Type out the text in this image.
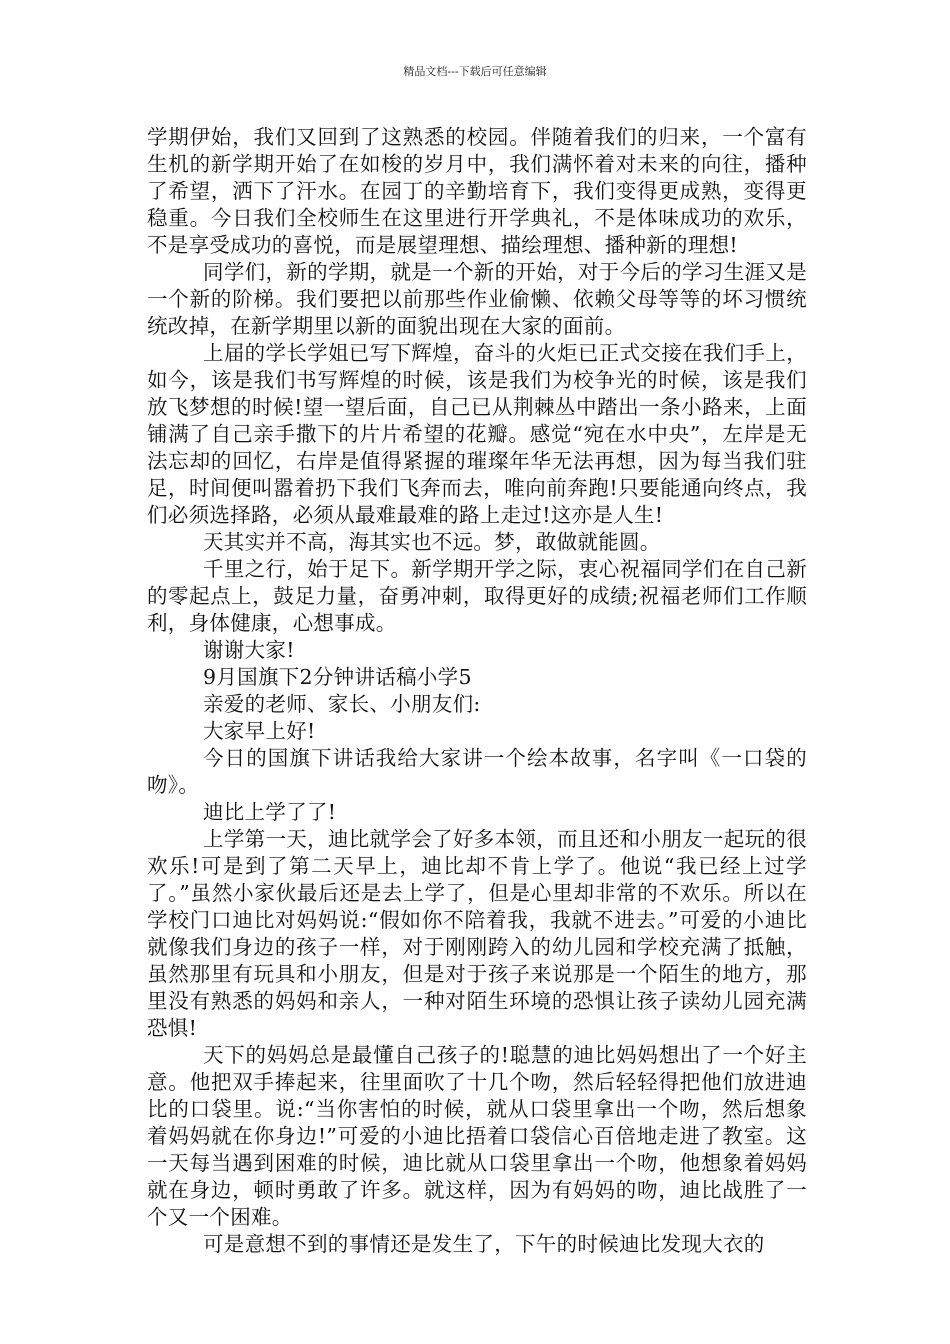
精品文档---下载后可任意编辑

学期伊始，我们又回到了这熟悉的校园。伴随着我们的归来，一个富有生机的新学期开始了在如梭的岁月中，我们满怀着对未来的向往，播种了希望，洒下了汗水。在园丁的辛勤培育下，我们变得更成熟，变得更稳重。今日我们全校师生在这里进行开学典礼，不是体味成功的欢乐，不是享受成功的喜悦，而是展望理想、描绘理想、播种新的理想!

同学们，新的学期，就是一个新的开始，对于今后的学习生涯又是一个新的阶梯。我们要把以前那些作业偷懒、依赖父母等等的坏习惯统统改掉，在新学期里以新的面貌出现在大家的面前。

上届的学长学姐已写下辉煌，奋斗的火炬已正式交接在我们手上，如今，该是我们书写辉煌的时候，该是我们为校争光的时候，该是我们放飞梦想的时候!望一望后面，自己已从荆棘丛中踏出一条小路来，上面铺满了自己亲手撒下的片片希望的花瓣。感觉“宛在水中央”，左岸是无法忘却的回忆，右岸是值得紧握的璀璨年华无法再想，因为每当我们驻足，时间便叫嚣着扔下我们飞奔而去，唯向前奔跑!只要能通向终点，我们必须选择路，必须从最难最难的路上走过!这亦是人生!

天其实并不高，海其实也不远。梦，敢做就能圆。

千里之行，始于足下。新学期开学之际，衷心祝福同学们在自己新的零起点上，鼓足力量，奋勇冲刺，取得更好的成绩;祝福老师们工作顺利，身体健康，心想事成。

谢谢大家!

9月国旗下2分钟讲话稿小学5

亲爱的老师、家长、小朋友们:

大家早上好!

今日的国旗下讲话我给大家讲一个绘本故事，名字叫《一口袋的吻》。

迪比上学了了!

上学第一天，迪比就学会了好多本领，而且还和小朋友一起玩的很欢乐!可是到了第二天早上，迪比却不肯上学了。他说“我已经上过学了。”虽然小家伙最后还是去上学了，但是心里却非常的不欢乐。所以在学校门口迪比对妈妈说:“假如你不陪着我，我就不进去。”可爱的小迪比就像我们身边的孩子一样，对于刚刚跨入的幼儿园和学校充满了抵触，虽然那里有玩具和小朋友，但是对于孩子来说那是一个陌生的地方，那里没有熟悉的妈妈和亲人，一种对陌生环境的恐惧让孩子读幼儿园充满恐惧!

天下的妈妈总是最懂自己孩子的!聪慧的迪比妈妈想出了一个好主意。他把双手捧起来，往里面吹了十几个吻，然后轻轻得把他们放进迪比的口袋里。说:“当你害怕的时候，就从口袋里拿出一个吻，然后想象着妈妈就在你身边!”可爱的小迪比捂着口袋信心百倍地走进了教室。这一天每当遇到困难的时候，迪比就从口袋里拿出一个吻，他想象着妈妈就在身边，顿时勇敢了许多。就这样，因为有妈妈的吻，迪比战胜了一个又一个困难。

可是意想不到的事情还是发生了，下午的时候迪比发现大衣的
